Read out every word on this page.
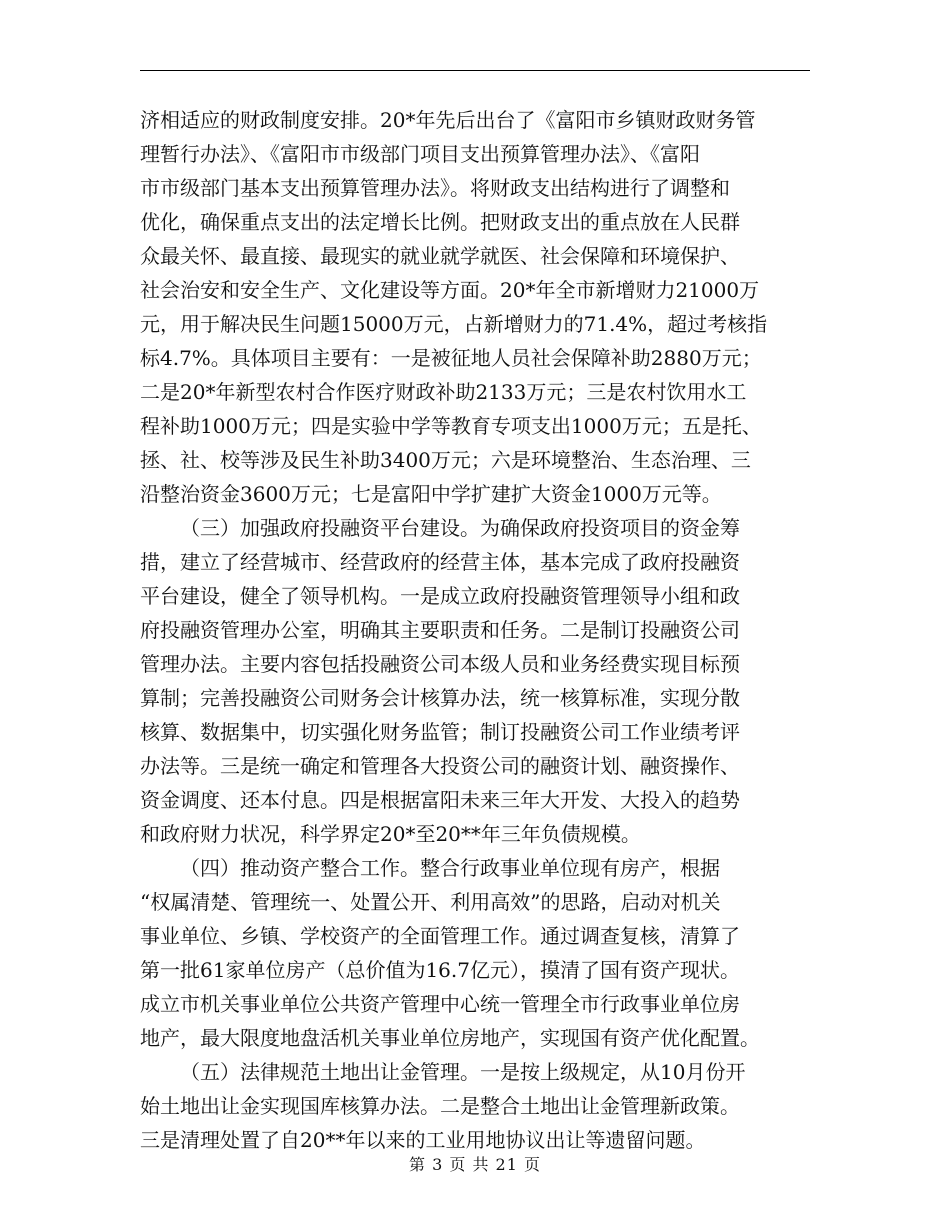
济相适应的财政制度安排。20*年先后出台了《富阳市乡镇财政财务管
理暂行办法》、《富阳市市级部门项目支出预算管理办法》、《富阳
市市级部门基本支出预算管理办法》。将财政支出结构进行了调整和
优化，确保重点支出的法定增长比例。把财政支出的重点放在人民群
众最关怀、最直接、最现实的就业就学就医、社会保障和环境保护、
社会治安和安全生产、文化建设等方面。20*年全市新增财力21000万
元，用于解决民生问题15000万元，占新增财力的71.4%，超过考核指
标4.7%。具体项目主要有：一是被征地人员社会保障补助2880万元；
二是20*年新型农村合作医疗财政补助2133万元；三是农村饮用水工
程补助1000万元；四是实验中学等教育专项支出1000万元；五是托、
拯、社、校等涉及民生补助3400万元；六是环境整治、生态治理、三
沿整治资金3600万元；七是富阳中学扩建扩大资金1000万元等。
（三）加强政府投融资平台建设。为确保政府投资项目的资金筹
措，建立了经营城市、经营政府的经营主体，基本完成了政府投融资
平台建设，健全了领导机构。一是成立政府投融资管理领导小组和政
府投融资管理办公室，明确其主要职责和任务。二是制订投融资公司
管理办法。主要内容包括投融资公司本级人员和业务经费实现目标预
算制；完善投融资公司财务会计核算办法，统一核算标准，实现分散
核算、数据集中，切实强化财务监管；制订投融资公司工作业绩考评
办法等。三是统一确定和管理各大投资公司的融资计划、融资操作、
资金调度、还本付息。四是根据富阳未来三年大开发、大投入的趋势
和政府财力状况，科学界定20*至20**年三年负债规模。
（四）推动资产整合工作。整合行政事业单位现有房产，根据
“权属清楚、管理统一、处置公开、利用高效”的思路，启动对机关
事业单位、乡镇、学校资产的全面管理工作。通过调查复核，清算了
第一批61家单位房产（总价值为16.7亿元），摸清了国有资产现状。
成立市机关事业单位公共资产管理中心统一管理全市行政事业单位房
地产，最大限度地盘活机关事业单位房地产，实现国有资产优化配置。
（五）法律规范土地出让金管理。一是按上级规定，从10月份开
始土地出让金实现国库核算办法。二是整合土地出让金管理新政策。
三是清理处置了自20**年以来的工业用地协议出让等遗留问题。
第 3 页 共 21 页
